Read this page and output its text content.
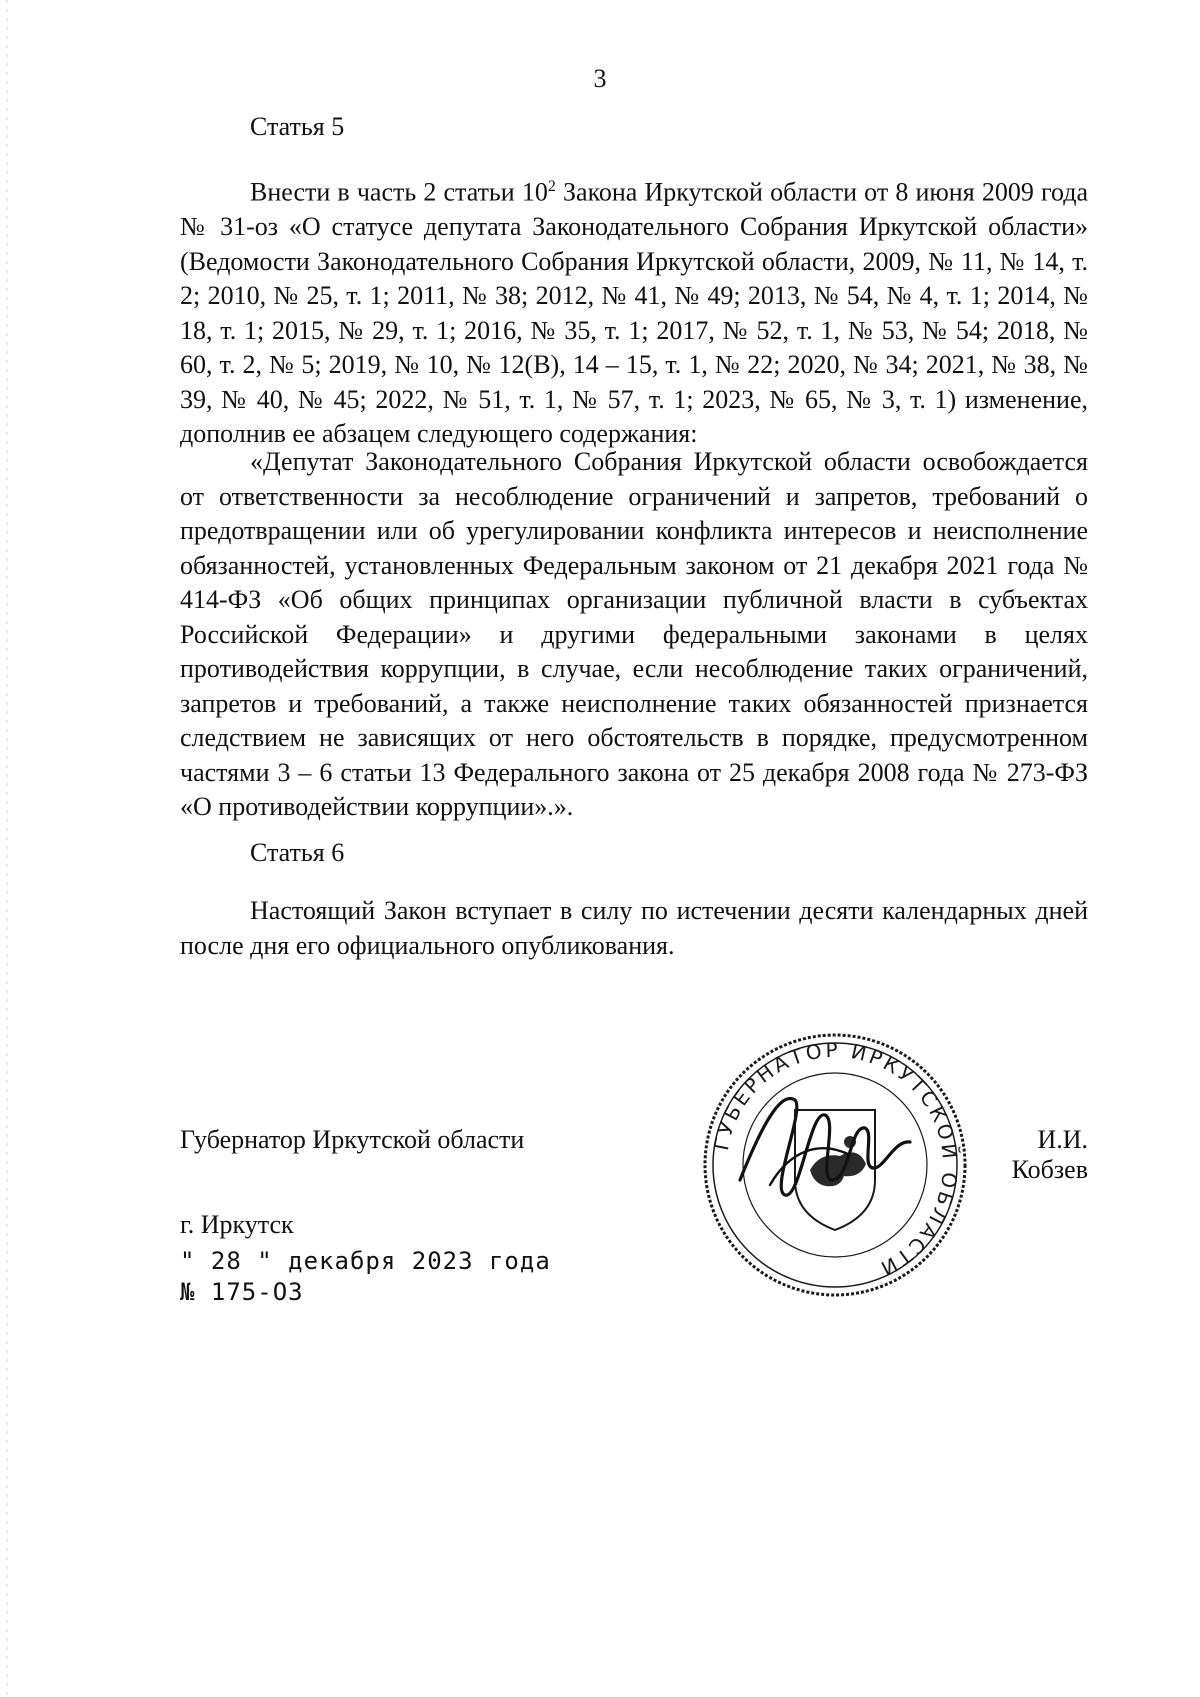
3
Статья 5

Внести в часть 2 статьи $10^2$ Закона Иркутской области от 8 июня 2009 года № 31-оз «О статусе депутата Законодательного Собрания Иркутской области» (Ведомости Законодательного Собрания Иркутской области, 2009, № 11, № 14, т. 2; 2010, № 25, т. 1; 2011, № 38; 2012, № 41, № 49; 2013, № 54, № 4, т. 1; 2014, № 18, т. 1; 2015, № 29, т. 1; 2016, № 35, т. 1; 2017, № 52, т. 1, № 53, № 54; 2018, № 60, т. 2, № 5; 2019, № 10, № 12(В), 14 – 15, т. 1, № 22; 2020, № 34; 2021, № 38, № 39, № 40, № 45; 2022, № 51, т. 1, № 57, т. 1; 2023, № 65, № 3, т. 1) изменение, дополнив ее абзацем следующего содержания:

«Депутат Законодательного Собрания Иркутской области освобождается от ответственности за несоблюдение ограничений и запретов, требований о предотвращении или об урегулировании конфликта интересов и неисполнение обязанностей, установленных Федеральным законом от 21 декабря 2021 года № 414-ФЗ «Об общих принципах организации публичной власти в субъектах Российской Федерации» и другими федеральными законами в целях противодействия коррупции, в случае, если несоблюдение таких ограничений, запретов и требований, а также неисполнение таких обязанностей признается следствием не зависящих от него обстоятельств в порядке, предусмотренном частями 3 – 6 статьи 13 Федерального закона от 25 декабря 2008 года № 273-ФЗ «О противодействии коррупции».».

Статья 6

Настоящий Закон вступает в силу по истечении десяти календарных дней после дня его официального опубликования.

Губернатор Иркутской области	ГУБЕРНАТОР ИРКУТСКОЙ ОБЛАСТИ
И.И. Кобзев
г. Иркутск
" 28 " декабря 2023 года
№ 175-ОЗ
